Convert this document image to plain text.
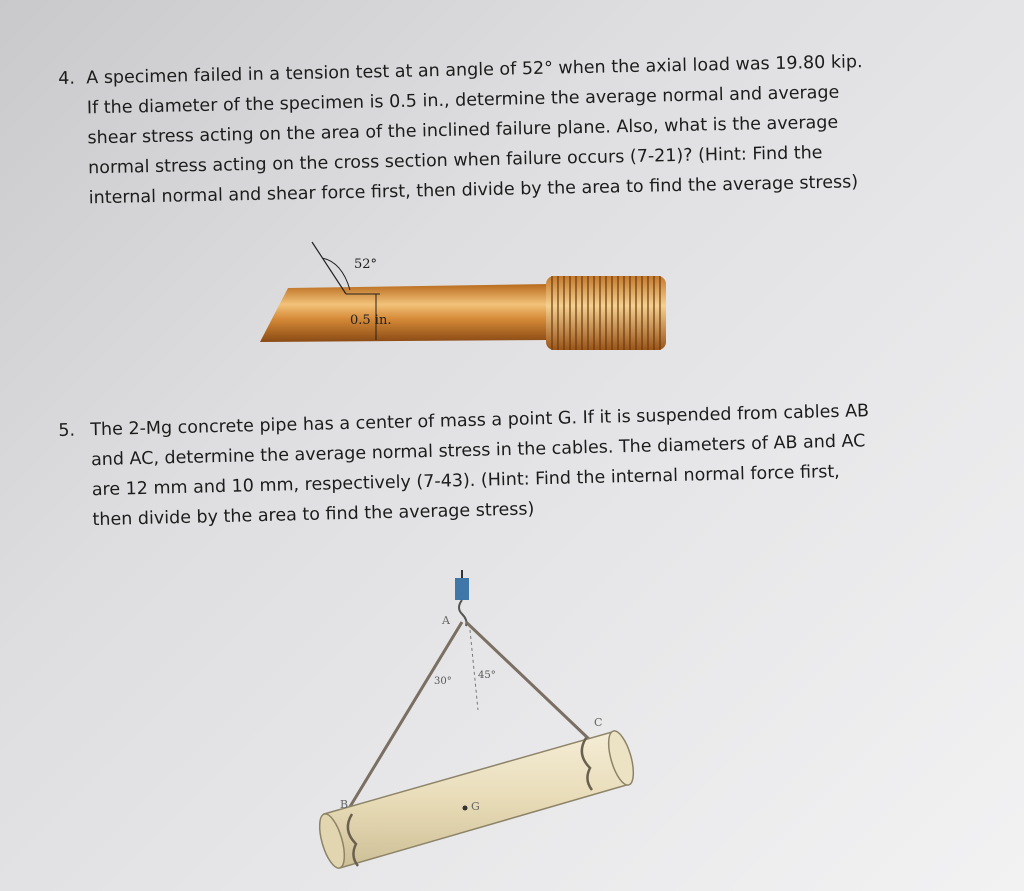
4. A specimen failed in a tension test at an angle of 52° when the axial load was 19.80 kip.
If the diameter of the specimen is 0.5 in., determine the average normal and average
shear stress acting on the area of the inclined failure plane. Also, what is the average
normal stress acting on the cross section when failure occurs (7-21)? (Hint: Find the
internal normal and shear force first, then divide by the area to find the average stress)
52°
0.5 in.
5. The 2-Mg concrete pipe has a center of mass a point G. If it is suspended from cables AB
and AC, determine the average normal stress in the cables. The diameters of AB and AC
are 12 mm and 10 mm, respectively (7-43). (Hint: Find the internal normal force first,
then divide by the area to find the average stress)
A
B
C
G
30°
45°
